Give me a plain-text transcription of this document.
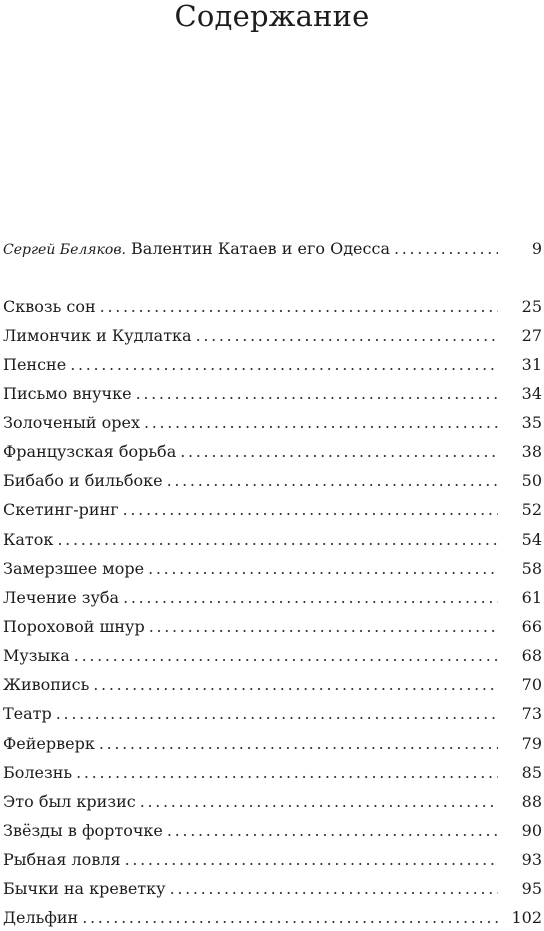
Содержание
Сергей Беляков. Валентин Катаев и его Одесса . . .	9
Сквозь сон . . .	25
Лимончик и Кудлатка . . .	27
Пенсне . . .	31
Письмо внучке . . .	34
Золоченый орех . . .	35
Французская борьба . . .	38
Бибабо и бильбоке . . .	50
Скетинг-ринг . . .	52
Каток . . .	54
Замерзшее море . . .	58
Лечение зуба . . .	61
Пороховой шнур . . .	66
Музыка . . .	68
Живопись . . .	70
Театр . . .	73
Фейерверк . . .	79
Болезнь . . .	85
Это был кризис . . .	88
Звёзды в форточке . . .	90
Рыбная ловля . . .	93
Бычки на креветку . . .	95
Дельфин . . .	102
